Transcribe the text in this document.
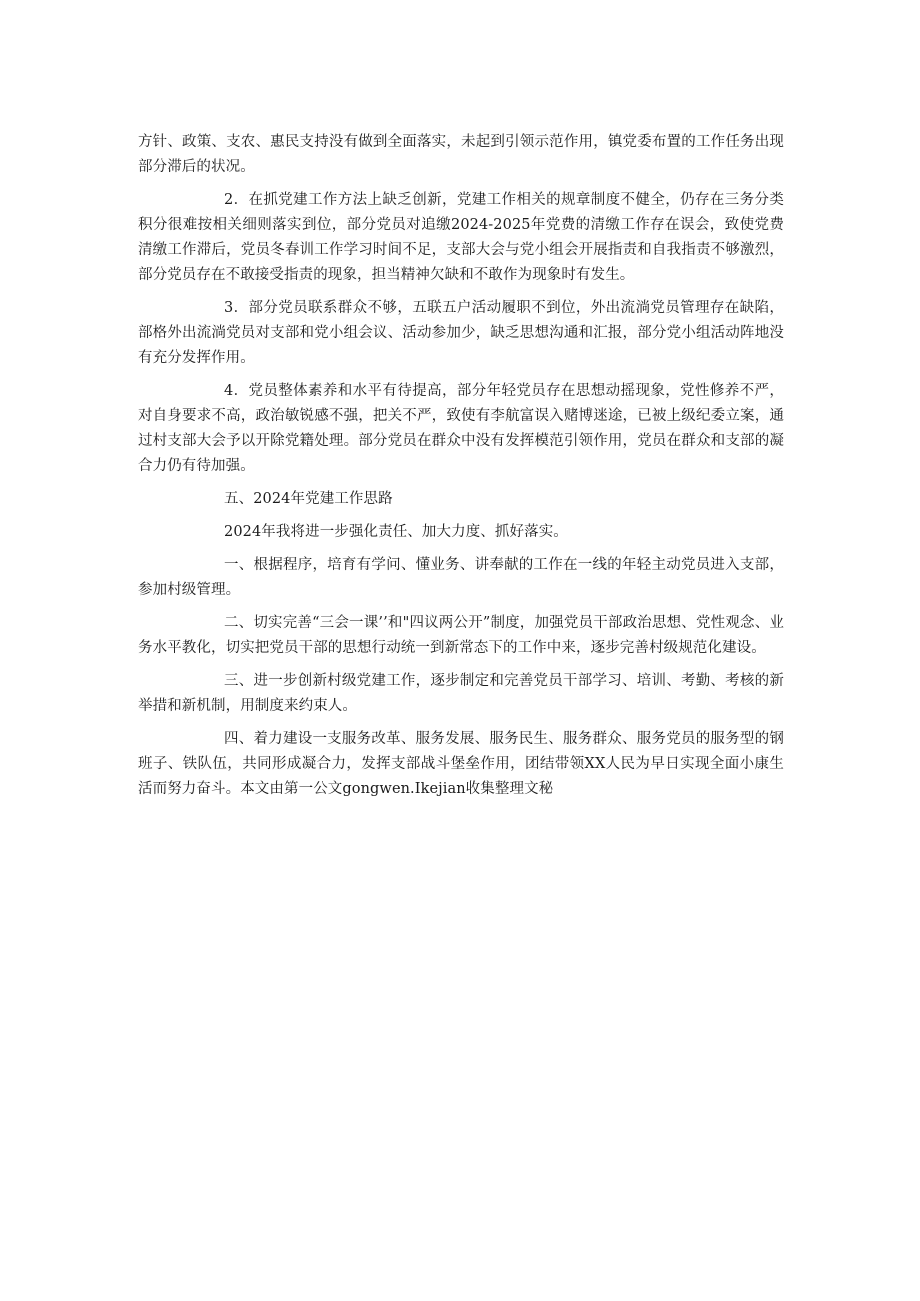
方针、政策、支农、惠民支持没有做到全面落实，未起到引领示范作用，镇党委布置的工作任务出现部分滞后的状况。

2．在抓党建工作方法上缺乏创新，党建工作相关的规章制度不健全，仍存在三务分类积分很难按相关细则落实到位，部分党员对追缴2024-2025年党费的清缴工作存在误会，致使党费清缴工作滞后，党员冬春训工作学习时间不足，支部大会与党小组会开展指责和自我指责不够激烈，部分党员存在不敢接受指责的现象，担当精神欠缺和不敢作为现象时有发生。

3．部分党员联系群众不够，五联五户活动履职不到位，外出流淌党员管理存在缺陷，部格外出流淌党员对支部和党小组会议、活动参加少，缺乏思想沟通和汇报，部分党小组活动阵地没有充分发挥作用。

4．党员整体素养和水平有待提高，部分年轻党员存在思想动摇现象，党性修养不严，对自身要求不高，政治敏锐感不强，把关不严，致使有李航富误入赌博迷途，已被上级纪委立案，通过村支部大会予以开除党籍处理。部分党员在群众中没有发挥模范引领作用，党员在群众和支部的凝合力仍有待加强。

五、2024年党建工作思路

2024年我将进一步强化责任、加大力度、抓好落实。

一、根据程序，培育有学问、懂业务、讲奉献的工作在一线的年轻主动党员进入支部，参加村级管理。

二、切实完善“三会一课’’和"四议两公开”制度，加强党员干部政治思想、党性观念、业务水平教化，切实把党员干部的思想行动统一到新常态下的工作中来，逐步完善村级规范化建设。

三、进一步创新村级党建工作，逐步制定和完善党员干部学习、培训、考勤、考核的新举措和新机制，用制度来约束人。

四、着力建设一支服务改革、服务发展、服务民生、服务群众、服务党员的服务型的钢班子、铁队伍，共同形成凝合力，发挥支部战斗堡垒作用，团结带领XX人民为早日实现全面小康生活而努力奋斗。本文由第一公文gongwen.Ikejian收集整理文秘
